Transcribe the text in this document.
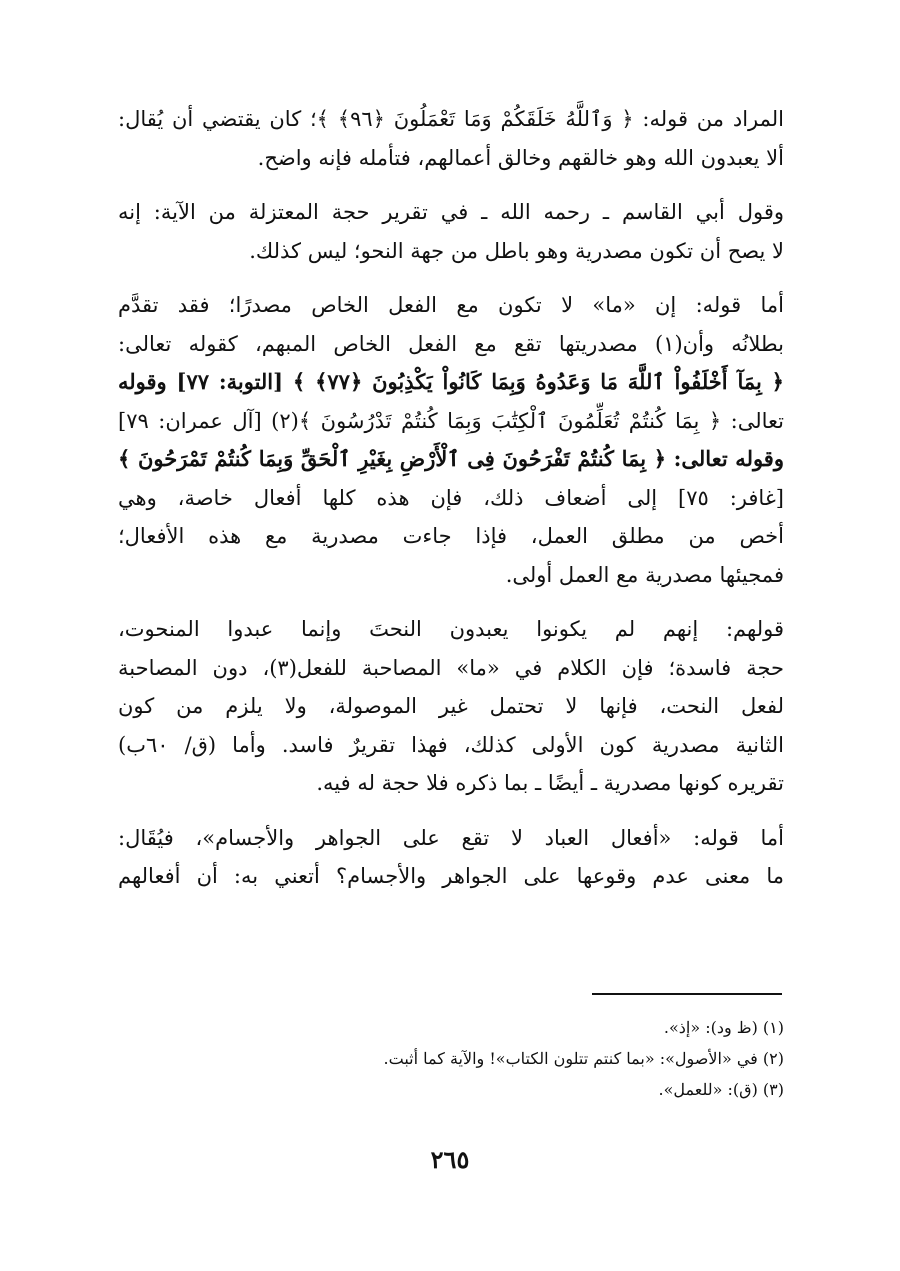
المراد من قوله: ﴿ وَٱللَّهُ خَلَقَكُمْ وَمَا تَعْمَلُونَ ﴿٩٦﴾ ﴾؛ كان يقتضي أن يُقال:
ألا يعبدون الله وهو خالقهم وخالق أعمالهم، فتأمله فإنه واضح.

وقول أبي القاسم ـ رحمه الله ـ في تقرير حجة المعتزلة من الآية: إنه
لا يصح أن تكون مصدرية وهو باطل من جهة النحو؛ ليس كذلك.

أما قوله: إن «ما» لا تكون مع الفعل الخاص مصدرًا؛ فقد تقدَّم
بطلانُه وأن(١) مصدريتها تقع مع الفعل الخاص المبهم، كقوله تعالى:
﴿ بِمَآ أَخْلَفُواْ ٱللَّهَ مَا وَعَدُوهُ وَبِمَا كَانُواْ يَكْذِبُونَ ﴿٧٧﴾ ﴾ [التوبة: ٧٧] وقوله
تعالى: ﴿ بِمَا كُنتُمْ تُعَلِّمُونَ ٱلْكِتَٰبَ وَبِمَا كُنتُمْ تَدْرُسُونَ ﴾(٢) [آل عمران: ٧٩]
وقوله تعالى: ﴿ بِمَا كُنتُمْ تَفْرَحُونَ فِى ٱلْأَرْضِ بِغَيْرِ ٱلْحَقِّ وَبِمَا كُنتُمْ تَمْرَحُونَ ﴾
[غافر: ٧٥] إلى أضعاف ذلك، فإن هذه كلها أفعال خاصة، وهي
أخص من مطلق العمل، فإذا جاءت مصدرية مع هذه الأفعال؛
فمجيئها مصدرية مع العمل أولى.

قولهم: إنهم لم يكونوا يعبدون النحتَ وإنما عبدوا المنحوت،
حجة فاسدة؛ فإن الكلام في «ما» المصاحبة للفعل(٣)، دون المصاحبة
لفعل النحت، فإنها لا تحتمل غير الموصولة، ولا يلزم من كون
الثانية مصدرية كون الأولى كذلك، فهذا تقريرٌ فاسد. وأما (ق/ ٦٠ب)
تقريره كونها مصدرية ـ أيضًا ـ بما ذكره فلا حجة له فيه.

أما قوله: «أفعال العباد لا تقع على الجواهر والأجسام»، فيُقَال:
ما معنى عدم وقوعها على الجواهر والأجسام؟ أتعني به: أن أفعالهم

(١) (ظ ود): «إذ».
(٢) في «الأصول»: «بما كنتم تتلون الكتاب»! والآية كما أثبت.
(٣) (ق): «للعمل».
٢٦٥
